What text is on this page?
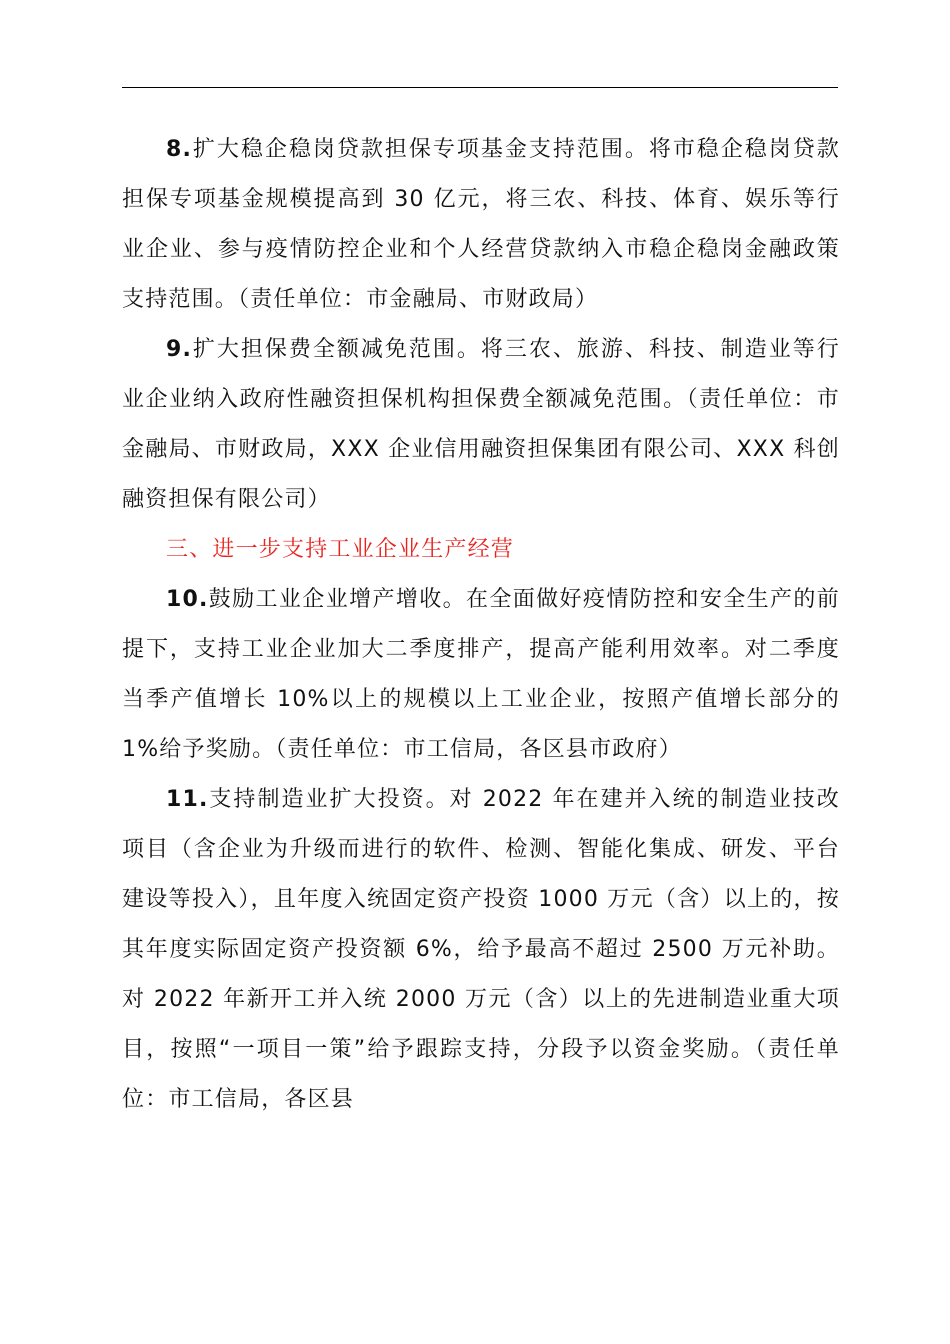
8.扩大稳企稳岗贷款担保专项基金支持范围。将市稳企稳岗贷款担保专项基金规模提高到 30 亿元，将三农、科技、体育、娱乐等行业企业、参与疫情防控企业和个人经营贷款纳入市稳企稳岗金融政策支持范围。（责任单位：市金融局、市财政局）

9.扩大担保费全额减免范围。将三农、旅游、科技、制造业等行业企业纳入政府性融资担保机构担保费全额减免范围。（责任单位：市金融局、市财政局，XXX 企业信用融资担保集团有限公司、XXX 科创融资担保有限公司）

三、进一步支持工业企业生产经营

10.鼓励工业企业增产增收。在全面做好疫情防控和安全生产的前提下，支持工业企业加大二季度排产，提高产能利用效率。对二季度当季产值增长 10%以上的规模以上工业企业，按照产值增长部分的 1%给予奖励。（责任单位：市工信局，各区县市政府）

11.支持制造业扩大投资。对 2022 年在建并入统的制造业技改项目（含企业为升级而进行的软件、检测、智能化集成、研发、平台建设等投入），且年度入统固定资产投资 1000 万元（含）以上的，按其年度实际固定资产投资额 6%，给予最高不超过 2500 万元补助。对 2022 年新开工并入统 2000 万元（含）以上的先进制造业重大项目，按照“一项目一策”给予跟踪支持，分段予以资金奖励。（责任单位：市工信局，各区县
